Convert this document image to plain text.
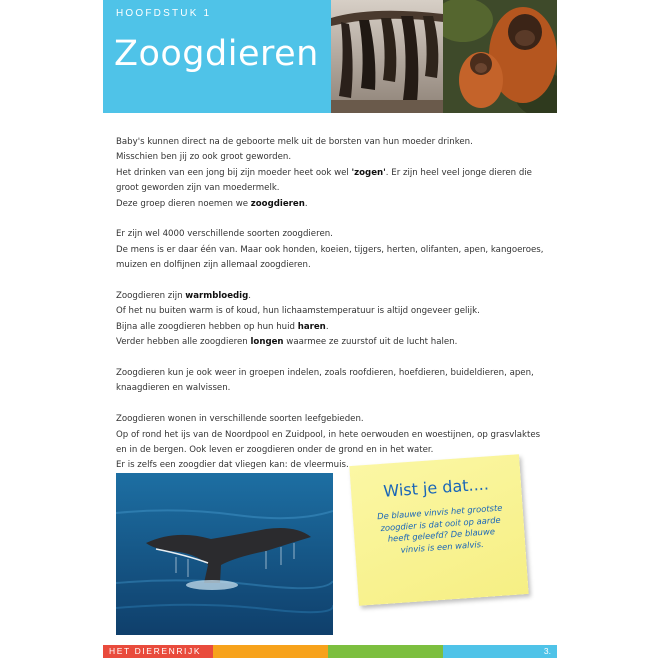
HOOFDSTUK 1
Zoogdieren

Baby's kunnen direct na de geboorte melk uit de borsten van hun moeder drinken.

Misschien ben jij zo ook groot geworden.

Het drinken van een jong bij zijn moeder heet ook wel 'zogen'. Er zijn heel veel jonge dieren die groot geworden zijn van moedermelk.

Deze groep dieren noemen we zoogdieren.

Er zijn wel 4000 verschillende soorten zoogdieren.

De mens is er daar één van. Maar ook honden, koeien, tijgers, herten, olifanten, apen, kangoeroes, muizen en dolfijnen zijn allemaal zoogdieren.

Zoogdieren zijn warmbloedig.

Of het nu buiten warm is of koud, hun lichaamstemperatuur is altijd ongeveer gelijk.

Bijna alle zoogdieren hebben op hun huid haren.

Verder hebben alle zoogdieren longen waarmee ze zuurstof uit de lucht halen.

Zoogdieren kun je ook weer in groepen indelen, zoals roofdieren, hoefdieren, buideldieren, apen, knaagdieren en walvissen.

Zoogdieren wonen in verschillende soorten leefgebieden.

Op of rond het ijs van de Noordpool en Zuidpool, in hete oerwouden en woestijnen, op grasvlaktes en in de bergen. Ook leven er zoogdieren onder de grond en in het water.

Er is zelfs een zoogdier dat vliegen kan: de vleermuis.

Wist je dat....
De blauwe vinvis het grootste zoogdier is dat ooit op aarde heeft geleefd? De blauwe vinvis is een walvis.
HET DIERENRIJK	3.
